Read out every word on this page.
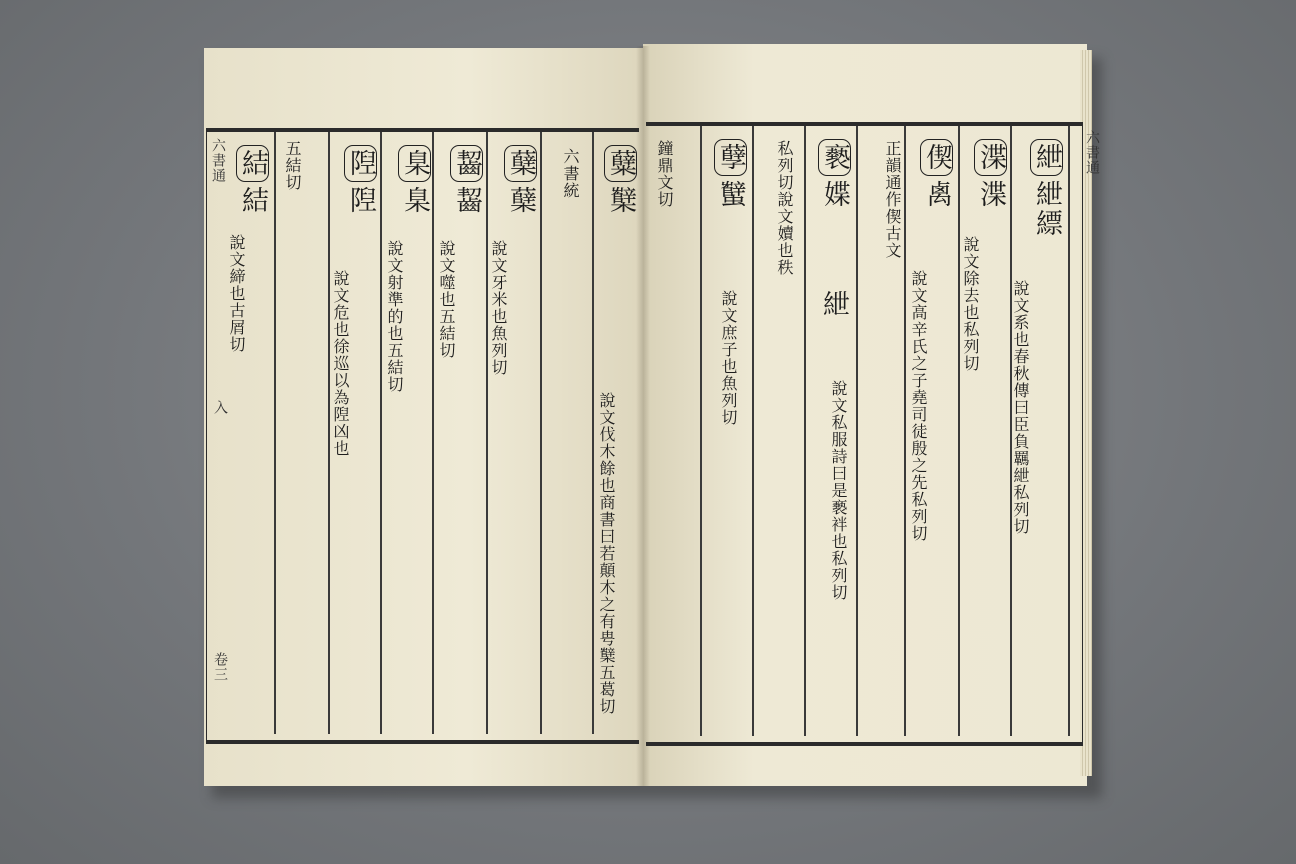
六書通
六書通
入
卷三
紲紲縹
說文系也春秋傳曰臣負羈紲私列切
渫渫
說文除去也私列切
偰禼
說文高辛氏之子堯司徒殷之先私列切
正韻通作偰古文
褻媟
私列切說文嬻也秩
紲
說文私服詩曰是褻袢也私列切
孽蠥
說文庶子也魚列切
鐘鼎文切
糵櫱
說文伐木餘也商書曰若顛木之有甹櫱五葛切
六書統
蘖蘖
說文牙米也魚列切
齧齧
說文噬也五結切
臬臬
說文射準的也五結切
隉隉
說文危也徐巡以為隉凶也
五結切
結結
說文締也古屑切
